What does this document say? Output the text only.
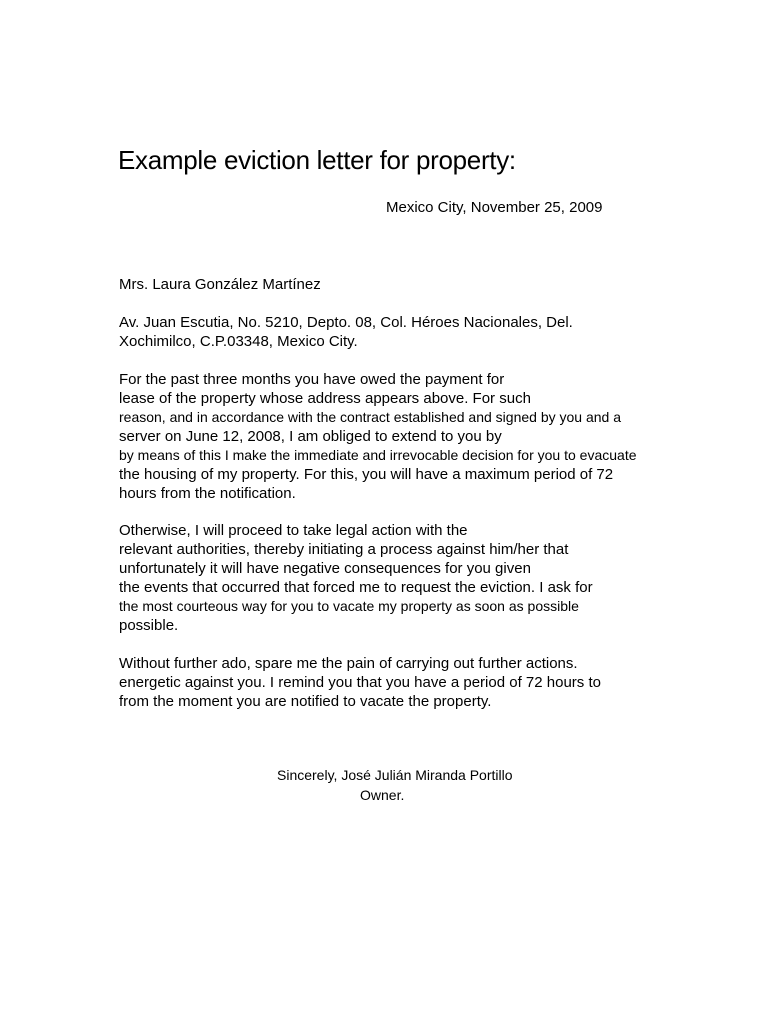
Example eviction letter for property:
Mexico City, November 25, 2009
Mrs. Laura González Martínez
Av. Juan Escutia, No. 5210, Depto. 08, Col. Héroes Nacionales, Del.
Xochimilco, C.P.03348, Mexico City.
For the past three months you have owed the payment for
lease of the property whose address appears above. For such
reason, and in accordance with the contract established and signed by you and a
server on June 12, 2008, I am obliged to extend to you by
by means of this I make the immediate and irrevocable decision for you to evacuate
the housing of my property. For this, you will have a maximum period of 72
hours from the notification.
Otherwise, I will proceed to take legal action with the
relevant authorities, thereby initiating a process against him/her that
unfortunately it will have negative consequences for you given
the events that occurred that forced me to request the eviction. I ask for
the most courteous way for you to vacate my property as soon as possible
possible.
Without further ado, spare me the pain of carrying out further actions.
energetic against you. I remind you that you have a period of 72 hours to
from the moment you are notified to vacate the property.
Sincerely, José Julián Miranda Portillo
Owner.
